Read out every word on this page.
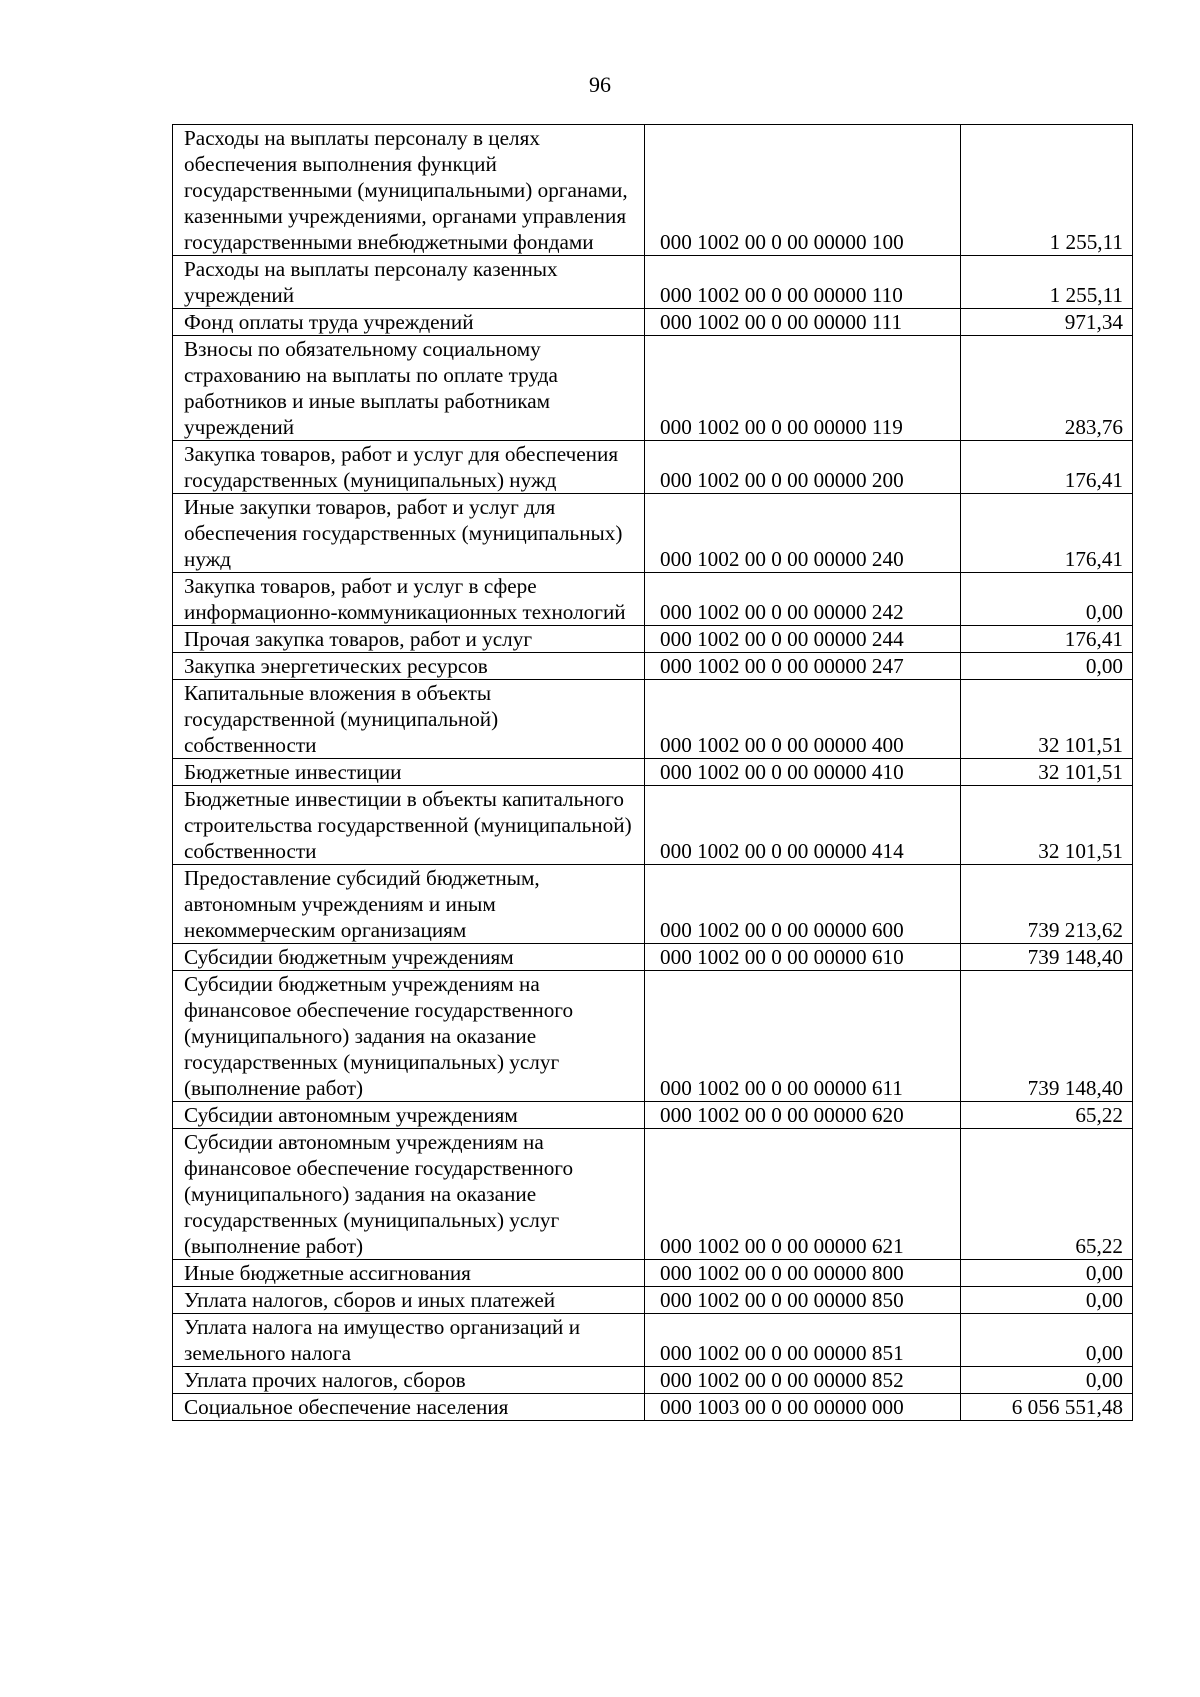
96
Расходы на выплаты персоналу в целях обеспечения выполнения функций государственными (муниципальными) органами, казенными учреждениями, органами управления государственными внебюджетными фондами	000 1002 00 0 00 00000 100	1 255,11
Расходы на выплаты персоналу казенных учреждений	000 1002 00 0 00 00000 110	1 255,11
Фонд оплаты труда учреждений	000 1002 00 0 00 00000 111	971,34
Взносы по обязательному социальному страхованию на выплаты по оплате труда работников и иные выплаты работникам учреждений	000 1002 00 0 00 00000 119	283,76
Закупка товаров, работ и услуг для обеспечения государственных (муниципальных) нужд	000 1002 00 0 00 00000 200	176,41
Иные закупки товаров, работ и услуг для обеспечения государственных (муниципальных) нужд	000 1002 00 0 00 00000 240	176,41
Закупка товаров, работ и услуг в сфере информационно-коммуникационных технологий	000 1002 00 0 00 00000 242	0,00
Прочая закупка товаров, работ и услуг	000 1002 00 0 00 00000 244	176,41
Закупка энергетических ресурсов	000 1002 00 0 00 00000 247	0,00
Капитальные вложения в объекты государственной (муниципальной) собственности	000 1002 00 0 00 00000 400	32 101,51
Бюджетные инвестиции	000 1002 00 0 00 00000 410	32 101,51
Бюджетные инвестиции в объекты капитального строительства государственной (муниципальной) собственности	000 1002 00 0 00 00000 414	32 101,51
Предоставление субсидий бюджетным, автономным учреждениям и иным некоммерческим организациям	000 1002 00 0 00 00000 600	739 213,62
Субсидии бюджетным учреждениям	000 1002 00 0 00 00000 610	739 148,40
Субсидии бюджетным учреждениям на финансовое обеспечение государственного (муниципального) задания на оказание государственных (муниципальных) услуг (выполнение работ)	000 1002 00 0 00 00000 611	739 148,40
Субсидии автономным учреждениям	000 1002 00 0 00 00000 620	65,22
Субсидии автономным учреждениям на финансовое обеспечение государственного (муниципального) задания на оказание государственных (муниципальных) услуг (выполнение работ)	000 1002 00 0 00 00000 621	65,22
Иные бюджетные ассигнования	000 1002 00 0 00 00000 800	0,00
Уплата налогов, сборов и иных платежей	000 1002 00 0 00 00000 850	0,00
Уплата налога на имущество организаций и земельного налога	000 1002 00 0 00 00000 851	0,00
Уплата прочих налогов, сборов	000 1002 00 0 00 00000 852	0,00
Социальное обеспечение населения	000 1003 00 0 00 00000 000	6 056 551,48
